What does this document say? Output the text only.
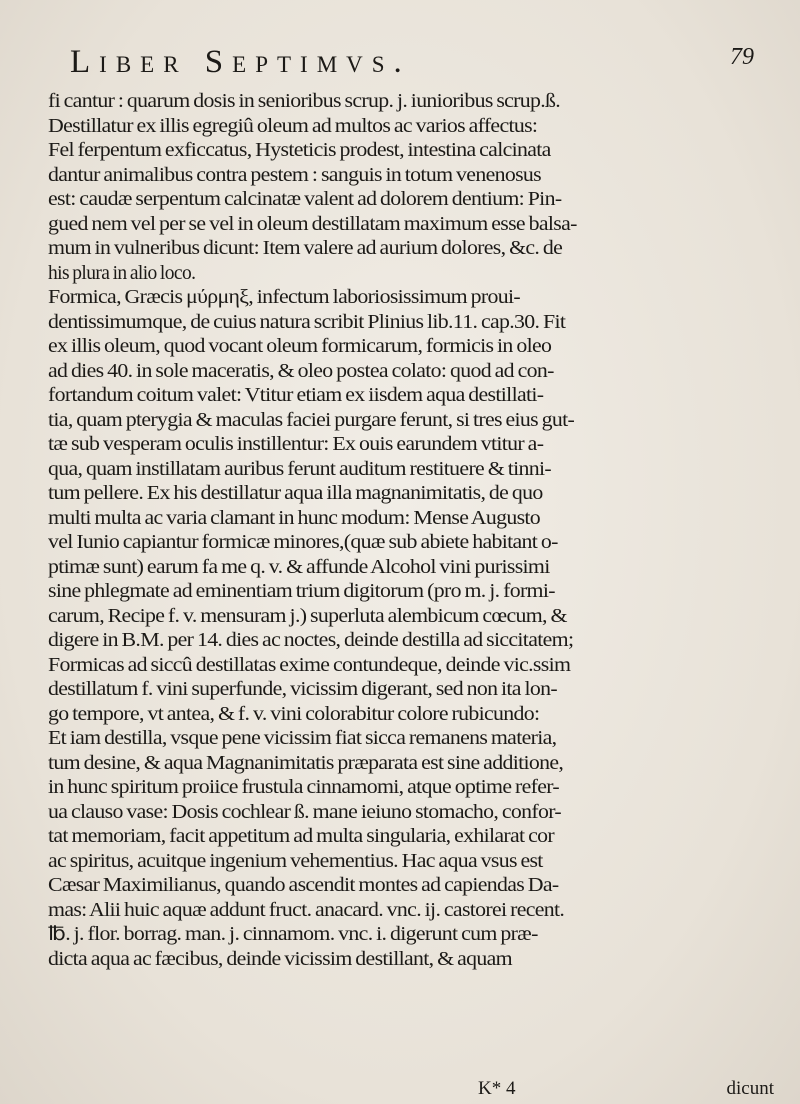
Liber Septimvs.	79

fi cantur : quarum dosis in senioribus scrup. j. iunioribus scrup.ß.

Destillatur ex illis egregiû oleum ad multos ac varios affectus:

Fel ferpentum exficcatus, Hysteticis prodest, intestina calcinata

dantur animalibus contra pestem : sanguis in totum venenosus

est: caudæ serpentum calcinatæ valent ad dolorem dentium: Pin-

gued nem vel per se vel in oleum destillatam maximum esse balsa-

mum in vulneribus dicunt: Item valere ad aurium dolores, &c. de

his plura in alio loco.

Formica, Græcis μύρμηξ, infectum laboriosissimum proui-

dentissimumque, de cuius natura scribit Plinius lib.11. cap.30. Fit

ex illis oleum, quod vocant oleum formicarum, formicis in oleo

ad dies 40. in sole maceratis, & oleo postea colato: quod ad con-

fortandum coitum valet: Vtitur etiam ex iisdem aqua destillati-

tia, quam pterygia & maculas faciei purgare ferunt, si tres eius gut-

tæ sub vesperam oculis instillentur: Ex ouis earundem vtitur a-

qua, quam instillatam auribus ferunt auditum restituere & tinni-

tum pellere. Ex his destillatur aqua illa magnanimitatis, de quo

multi multa ac varia clamant in hunc modum: Mense Augusto

vel Iunio capiantur formicæ minores,(quæ sub abiete habitant o-

ptimæ sunt) earum fa me q. v. & affunde Alcohol vini purissimi

sine phlegmate ad eminentiam trium digitorum (pro m. j. formi-

carum, Recipe f. v. mensuram j.) superluta alembicum cœcum, &

digere in B.M. per 14. dies ac noctes, deinde destilla ad siccitatem;

Formicas ad siccû destillatas exime contundeque, deinde vic.ssim

destillatum f. vini superfunde, vicissim digerant, sed non ita lon-

go tempore, vt antea, & f. v. vini colorabitur colore rubicundo:

Et iam destilla, vsque pene vicissim fiat sicca remanens materia,

tum desine, & aqua Magnanimitatis præparata est sine additione,

in hunc spiritum proiice frustula cinnamomi, atque optime refer-

ua clauso vase: Dosis cochlear ß. mane ieiuno stomacho, confor-

tat memoriam, facit appetitum ad multa singularia, exhilarat cor

ac spiritus, acuitque ingenium vehementius. Hac aqua vsus est

Cæsar Maximilianus, quando ascendit montes ad capiendas Da-

mas: Alii huic aquæ addunt fruct. anacard. vnc. ij. castorei recent.

℔. j. flor. borrag. man. j. cinnamom. vnc. i. digerunt cum præ-

dicta aqua ac fæcibus, deinde vicissim destillant, & aquam

K* 4	dicunt
